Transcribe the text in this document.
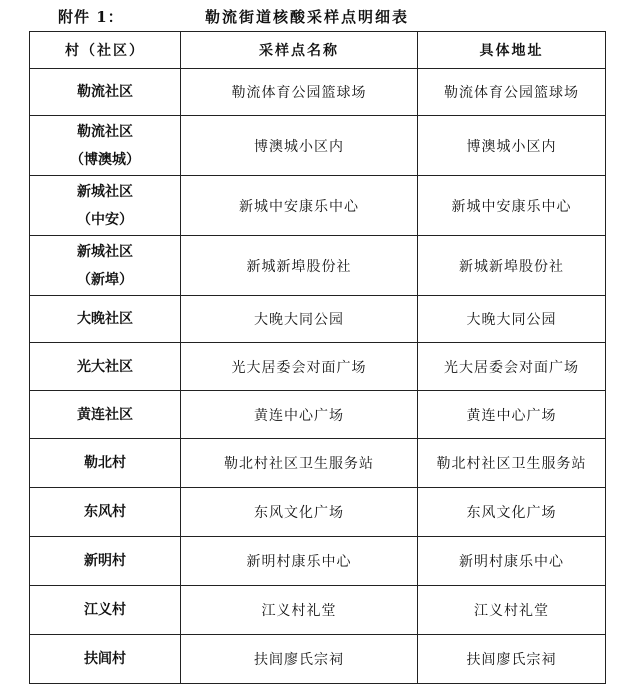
附件 1：	勒流街道核酸采样点明细表
村（社区）	采样点名称	具体地址

勒流社区	勒流体育公园篮球场	勒流体育公园篮球场

勒流社区
（博澳城）	博澳城小区内	博澳城小区内

新城社区
（中安）	新城中安康乐中心	新城中安康乐中心

新城社区
（新埠）	新城新埠股份社	新城新埠股份社

大晚社区	大晚大同公园	大晚大同公园

光大社区	光大居委会对面广场	光大居委会对面广场

黄连社区	黄连中心广场	黄连中心广场

勒北村	勒北村社区卫生服务站	勒北村社区卫生服务站

东风村	东风文化广场	东风文化广场

新明村	新明村康乐中心	新明村康乐中心

江义村	江义村礼堂	江义村礼堂

扶闾村	扶闾廖氏宗祠	扶闾廖氏宗祠
